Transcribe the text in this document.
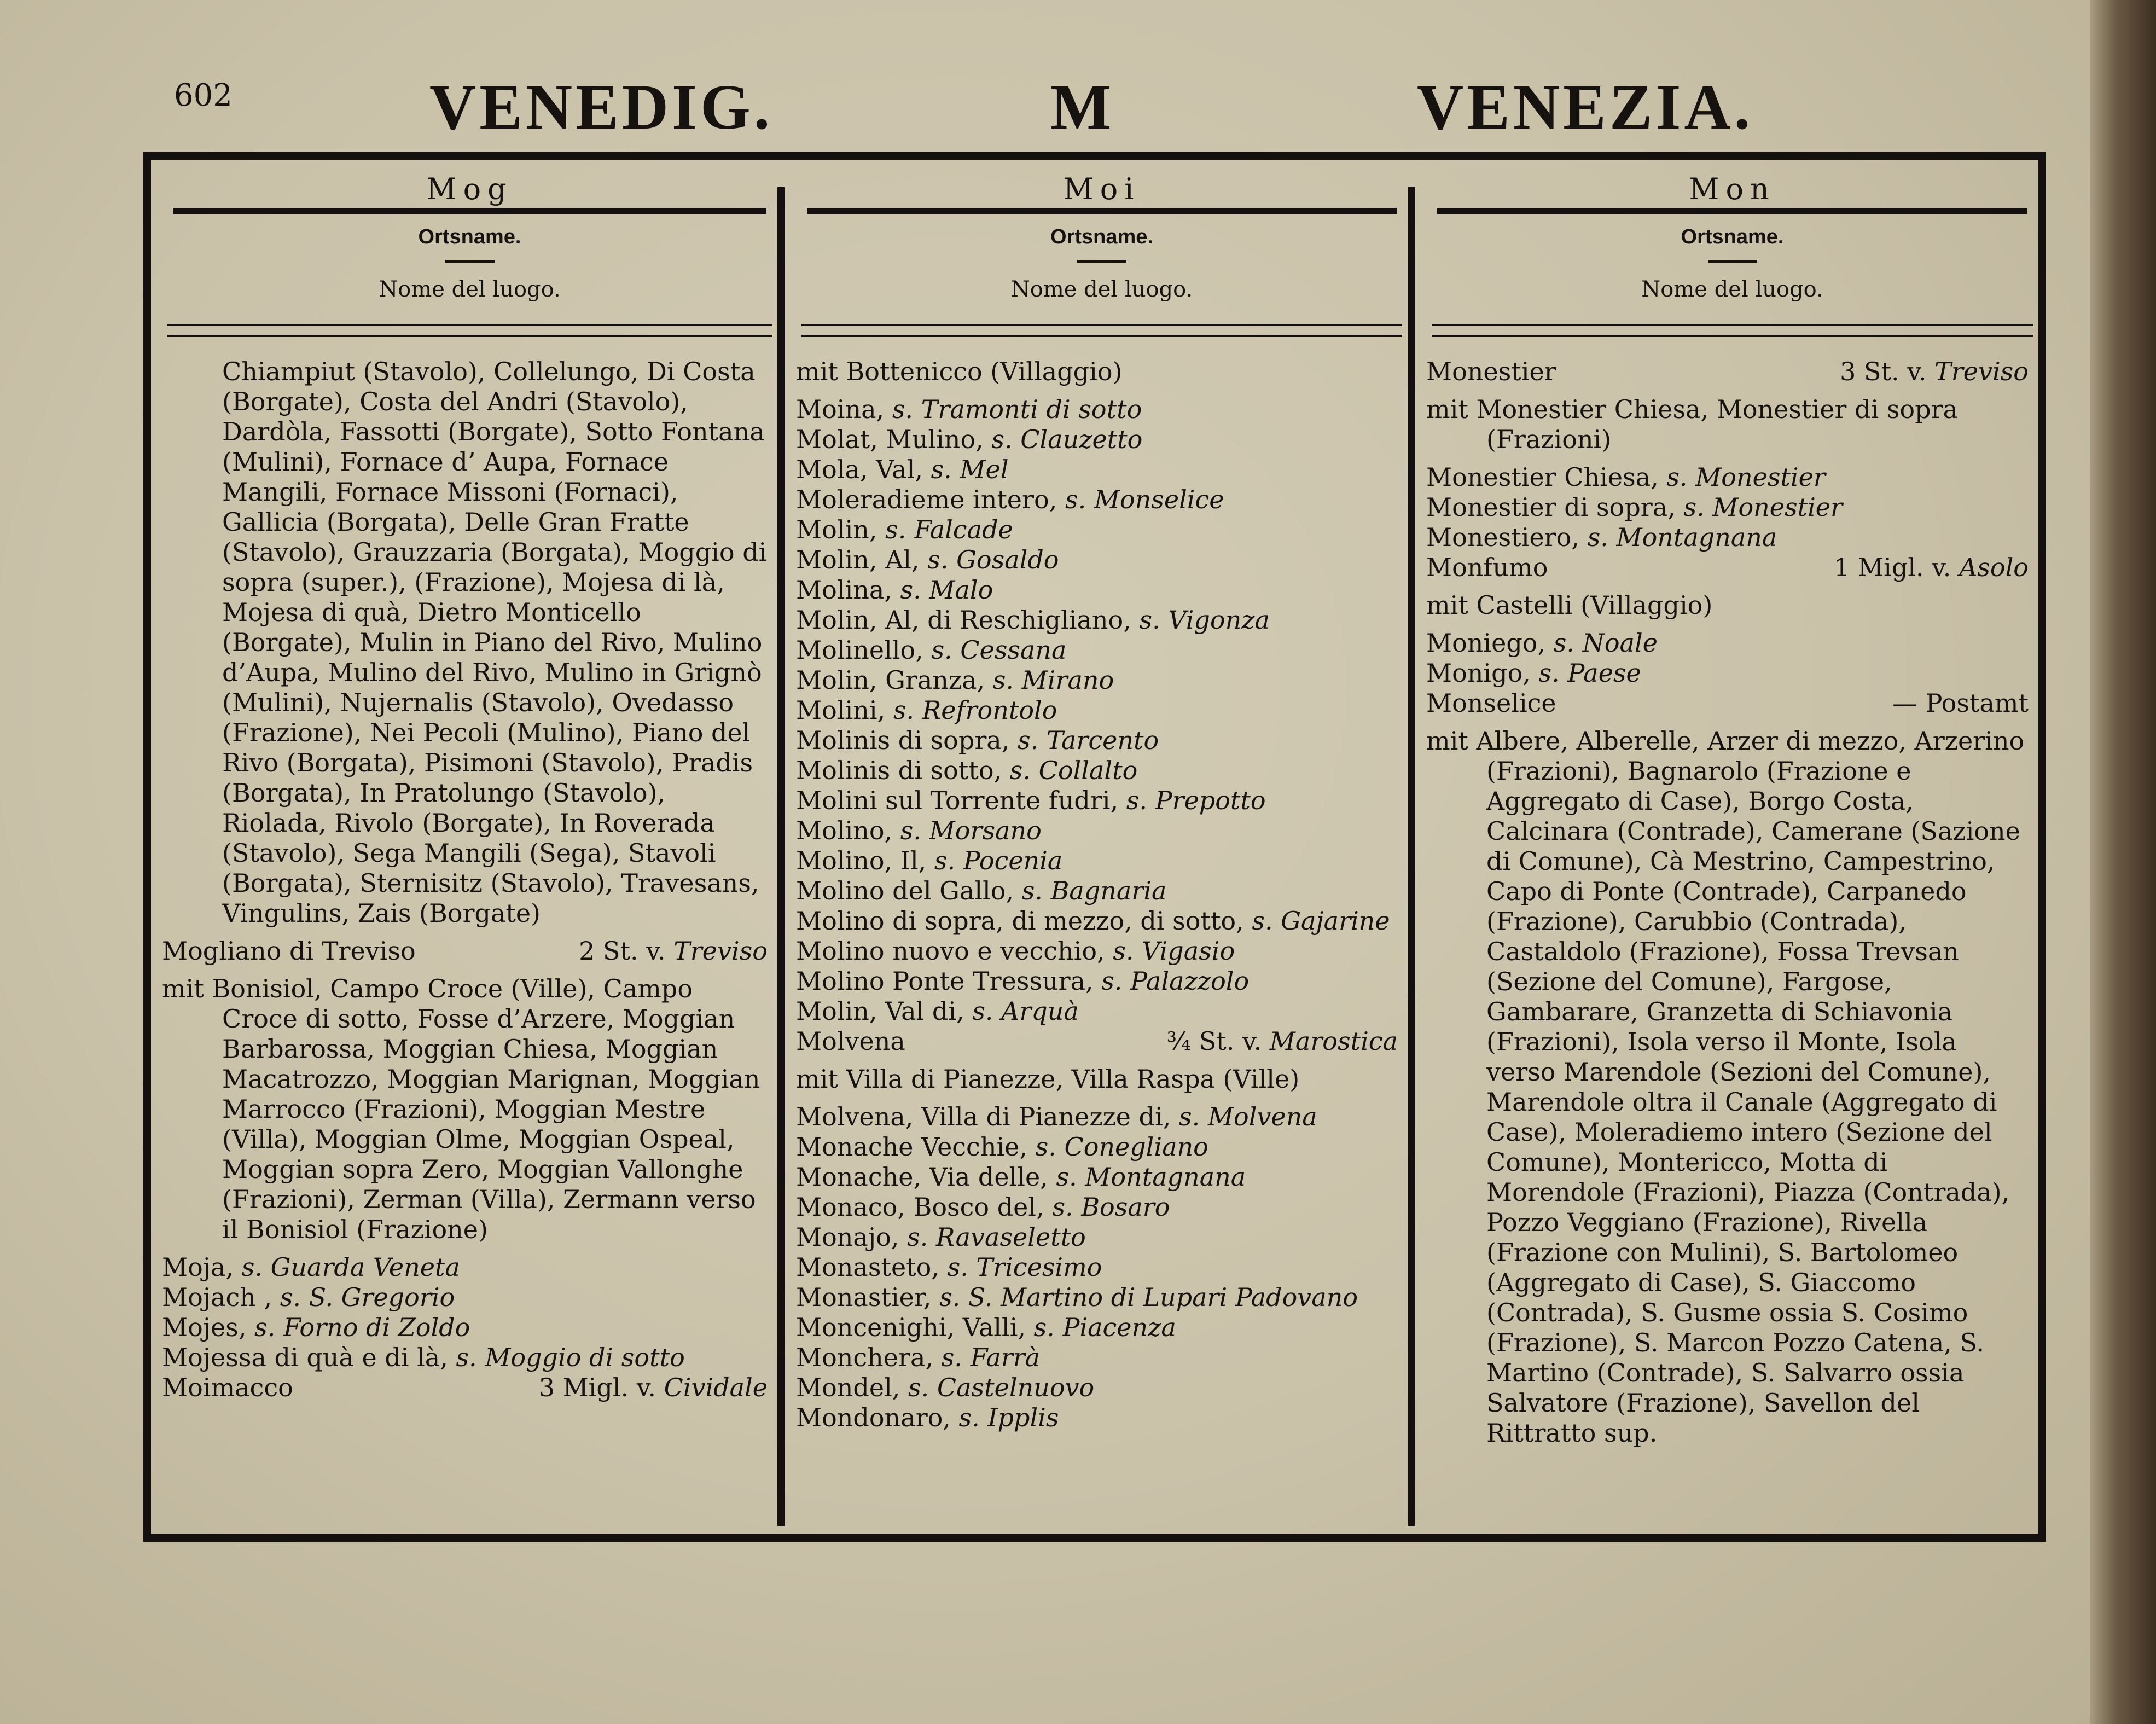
602	VENEDIG.	M	VENEZIA.
Mog
Ortsname.
Nome del luogo.
Chiampiut (Stavolo), Collelungo, Di Costa (Borgate), Costa del Andri (Stavolo), Dardòla, Fassotti (Borgate), Sotto Fontana (Mulini), Fornace d’ Aupa, Fornace Mangili, Fornace Missoni (Fornaci), Gallicia (Borgata), Delle Gran Fratte (Stavolo), Grauzzaria (Borgata), Moggio di sopra (super.), (Frazione), Mojesa di là, Mojesa di quà, Dietro Monticello (Borgate), Mulin in Piano del Rivo, Mulino d’Aupa, Mulino del Rivo, Mulino in Grignò (Mulini), Nujernalis (Stavolo), Ovedasso (Frazione), Nei Pecoli (Mulino), Piano del Rivo (Borgata), Pisimoni (Stavolo), Pradis (Borgata), In Pratolungo (Stavolo), Riolada, Rivolo (Borgate), In Roverada (Stavolo), Sega Mangili (Sega), Stavoli (Borgata), Sternisitz (Stavolo), Travesans, Vingulins, Zais (Borgate)
Mogliano di Treviso	2 St. v. Treviso
mit Bonisiol, Campo Croce (Ville), Campo Croce di sotto, Fosse d’Arzere, Moggian Barbarossa, Moggian Chiesa, Moggian Macatrozzo, Moggian Marignan, Moggian Marrocco (Frazioni), Moggian Mestre (Villa), Moggian Olme, Moggian Ospeal, Moggian sopra Zero, Moggian Vallonghe (Frazioni), Zerman (Villa), Zermann verso il Bonisiol (Frazione)
Moja, s. Guarda Veneta
Mojach , s. S. Gregorio
Mojes, s. Forno di Zoldo
Mojessa di quà e di là, s. Moggio di sotto
Moimacco	3 Migl. v. Cividale
Moi
Ortsname.
Nome del luogo.
mit Bottenicco (Villaggio)
Moina, s. Tramonti di sotto
Molat, Mulino, s. Clauzetto
Mola, Val, s. Mel
Moleradieme intero, s. Monselice
Molin, s. Falcade
Molin, Al, s. Gosaldo
Molina, s. Malo
Molin, Al, di Reschigliano, s. Vigonza
Molinello, s. Cessana
Molin, Granza, s. Mirano
Molini, s. Refrontolo
Molinis di sopra, s. Tarcento
Molinis di sotto, s. Collalto
Molini sul Torrente fudri, s. Prepotto
Molino, s. Morsano
Molino, Il, s. Pocenia
Molino del Gallo, s. Bagnaria
Molino di sopra, di mezzo, di sotto, s. Gajarine
Molino nuovo e vecchio, s. Vigasio
Molino Ponte Tressura, s. Palazzolo
Molin, Val di, s. Arquà
Molvena	¾ St. v. Marostica
mit Villa di Pianezze, Villa Raspa (Ville)
Molvena, Villa di Pianezze di, s. Molvena
Monache Vecchie, s. Conegliano
Monache, Via delle, s. Montagnana
Monaco, Bosco del, s. Bosaro
Monajo, s. Ravaseletto
Monasteto, s. Tricesimo
Monastier, s. S. Martino di Lupari Padovano
Moncenighi, Valli, s. Piacenza
Monchera, s. Farrà
Mondel, s. Castelnuovo
Mondonaro, s. Ipplis
Mon
Ortsname.
Nome del luogo.
Monestier	3 St. v. Treviso
mit Monestier Chiesa, Monestier di sopra (Frazioni)
Monestier Chiesa, s. Monestier
Monestier di sopra, s. Monestier
Monestiero, s. Montagnana
Monfumo	1 Migl. v. Asolo
mit Castelli (Villaggio)
Moniego, s. Noale
Monigo, s. Paese
Monselice	— Postamt
mit Albere, Alberelle, Arzer di mezzo, Arzerino (Frazioni), Bagnarolo (Frazione e Aggregato di Case), Borgo Costa, Calcinara (Contrade), Camerane (Sazione di Comune), Cà Mestrino, Campestrino, Capo di Ponte (Contrade), Carpanedo (Frazione), Carubbio (Contrada), Castaldolo (Frazione), Fossa Trevsan (Sezione del Comune), Fargose, Gambarare, Granzetta di Schiavonia (Frazioni), Isola verso il Monte, Isola verso Marendole (Sezioni del Comune), Marendole oltra il Canale (Aggregato di Case), Moleradiemo intero (Sezione del Comune), Montericco, Motta di Morendole (Frazioni), Piazza (Contrada), Pozzo Veggiano (Frazione), Rivella (Frazione con Mulini), S. Bartolomeo (Aggregato di Case), S. Giaccomo (Contrada), S. Gusme ossia S. Cosimo (Frazione), S. Marcon Pozzo Catena, S. Martino (Contrade), S. Salvarro ossia Salvatore (Frazione), Savellon del Rittratto sup.
